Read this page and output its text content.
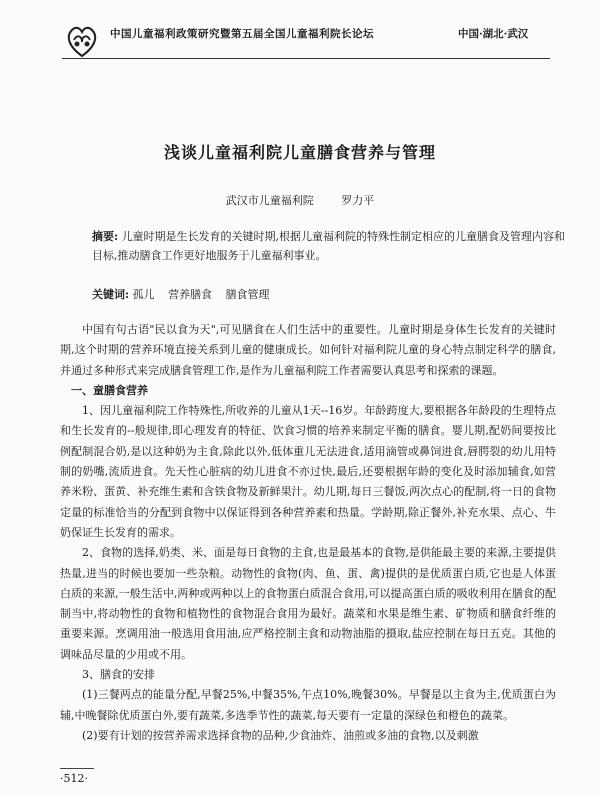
中国儿童福利政策研究暨第五届全国儿童福利院长论坛	中国·湖北·武汉
浅谈儿童福利院儿童膳食营养与管理
武汉市儿童福利院	罗力平
摘要: 儿童时期是生长发育的关键时期,根据儿童福利院的特殊性制定相应的儿童膳食及管理内容和目标,推动膳食工作更好地服务于儿童福利事业。
关键词: 孤儿 营养膳食 膳食管理

中国有句古语"民以食为天",可见膳食在人们生活中的重要性。儿童时期是身体生长发育的关键时期,这个时期的营养环境直接关系到儿童的健康成长。如何针对福利院儿童的身心特点制定科学的膳食,并通过多种形式来完成膳食管理工作,是作为儿童福利院工作者需要认真思考和探索的课题。

一、童膳食营养

1、因儿童福利院工作特殊性,所收养的儿童从1天--16岁。年龄跨度大,要根据各年龄段的生理特点和生长发育的--般规律,即心理发育的特征、饮食习惯的培养来制定平衡的膳食。婴儿期,配奶间要按比例配制混合奶,是以这种奶为主食,除此以外,低体重儿无法进食,适用滴管或鼻饲进食,唇腭裂的幼儿用特制的奶嘴,流质进食。先天性心脏病的幼儿进食不亦过快,最后,还要根据年龄的变化及时添加辅食,如营养米粉、蛋黄、补充维生素和含铁食物及新鲜果汁。幼儿期,每日三餐饭,两次点心的配制,将一日的食物定量的标准恰当的分配到食物中以保证得到各种营养素和热量。学龄期,除正餐外,补充水果、点心、牛奶保证生长发育的需求。

2、食物的选择,奶类、米、面是每日食物的主食,也是最基本的食物,是供能最主要的来源,主要提供热量,进当的时候也要加一些杂粮。动物性的食物(肉、鱼、蛋、禽)提供的是优质蛋白质,它也是人体蛋白质的来源,一般生活中,两种或两种以上的食物蛋白质混合食用,可以提高蛋白质的吸收利用在膳食的配制当中,将动物性的食物和植物性的食物混合食用为最好。蔬菜和水果是维生素、矿物质和膳食纤维的重要来源。烹调用油一般选用食用油,应严格控制主食和动物油脂的摄取,盐应控制在每日五克。其他的调味品尽量的少用或不用。

3、膳食的安排

(1)三餐两点的能量分配,早餐25%,中餐35%,午点10%,晚餐30%。早餐是以主食为主,优质蛋白为辅,中晚餐除优质蛋白外,要有蔬菜,多选季节性的蔬菜,每天要有一定量的深绿色和橙色的蔬菜。

(2)要有计划的按营养需求选择食物的品种,少食油炸、油煎或多油的食物,以及刺激

·512·
